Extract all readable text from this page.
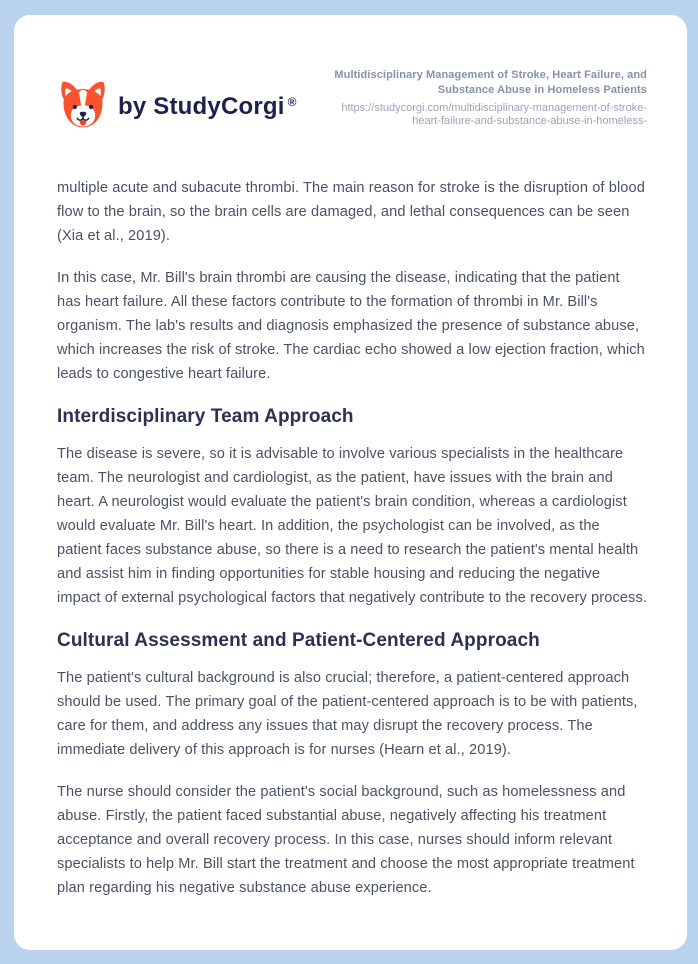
by StudyCorgi ®
Multidisciplinary Management of Stroke, Heart Failure, and Substance Abuse in Homeless Patients
https://studycorgi.com/multidisciplinary-management-of-stroke-heart-failure-and-substance-abuse-in-homeless-

multiple acute and subacute thrombi. The main reason for stroke is the disruption of blood flow to the brain, so the brain cells are damaged, and lethal consequences can be seen (Xia et al., 2019).

In this case, Mr. Bill's brain thrombi are causing the disease, indicating that the patient has heart failure. All these factors contribute to the formation of thrombi in Mr. Bill's organism. The lab's results and diagnosis emphasized the presence of substance abuse, which increases the risk of stroke. The cardiac echo showed a low ejection fraction, which leads to congestive heart failure.

Interdisciplinary Team Approach

The disease is severe, so it is advisable to involve various specialists in the healthcare team. The neurologist and cardiologist, as the patient, have issues with the brain and heart. A neurologist would evaluate the patient's brain condition, whereas a cardiologist would evaluate Mr. Bill's heart. In addition, the psychologist can be involved, as the patient faces substance abuse, so there is a need to research the patient's mental health and assist him in finding opportunities for stable housing and reducing the negative impact of external psychological factors that negatively contribute to the recovery process.

Cultural Assessment and Patient-Centered Approach

The patient's cultural background is also crucial; therefore, a patient-centered approach should be used. The primary goal of the patient-centered approach is to be with patients, care for them, and address any issues that may disrupt the recovery process. The immediate delivery of this approach is for nurses (Hearn et al., 2019).

The nurse should consider the patient's social background, such as homelessness and abuse. Firstly, the patient faced substantial abuse, negatively affecting his treatment acceptance and overall recovery process. In this case, nurses should inform relevant specialists to help Mr. Bill start the treatment and choose the most appropriate treatment plan regarding his negative substance abuse experience.
